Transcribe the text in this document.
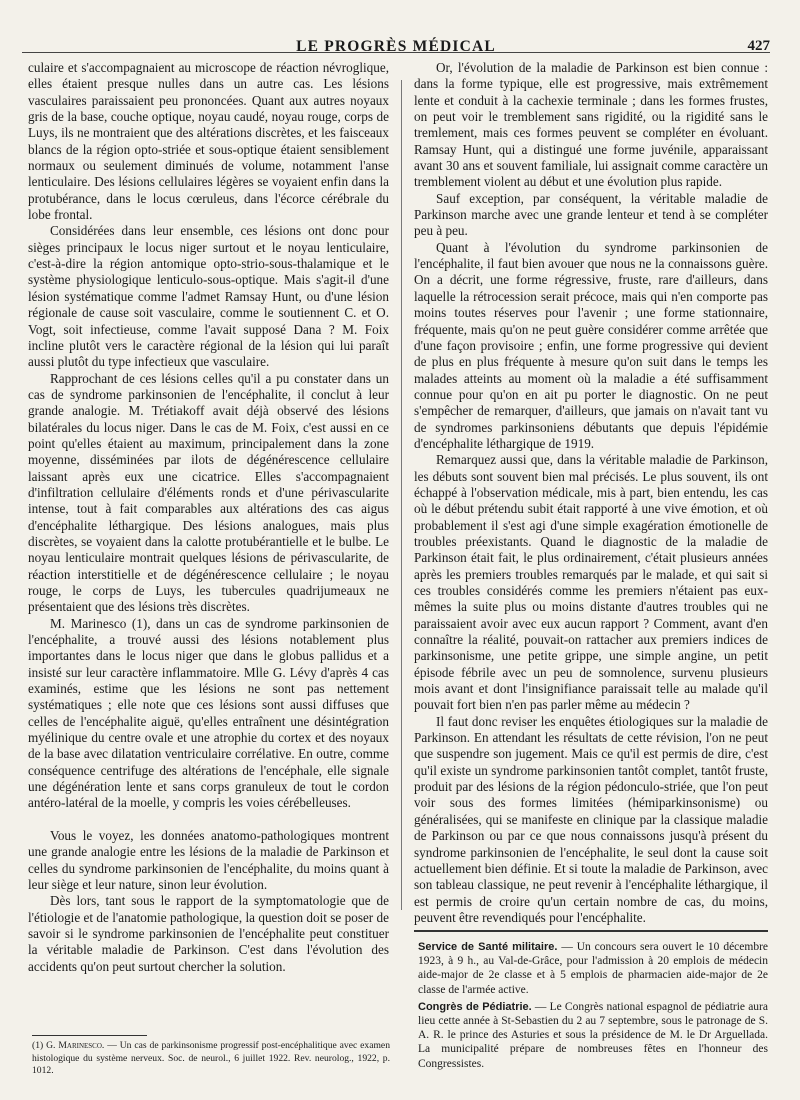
LE PROGRÈS MÉDICAL	427

culaire et s'accompagnaient au microscope de réaction névroglique, elles étaient presque nulles dans un autre cas. Les lésions vasculaires paraissaient peu prononcées. Quant aux autres noyaux gris de la base, couche optique, noyau caudé, noyau rouge, corps de Luys, ils ne montraient que des altérations discrètes, et les faisceaux blancs de la région opto-striée et sous-optique étaient sensiblement normaux ou seulement diminués de volume, notamment l'anse lenticulaire. Des lésions cellulaires légères se voyaient enfin dans la protubérance, dans le locus cœruleus, dans l'écorce cérébrale du lobe frontal.

Considérées dans leur ensemble, ces lésions ont donc pour sièges principaux le locus niger surtout et le noyau lenticulaire, c'est-à-dire la région antomique opto-strio-sous-thalamique et le système physiologique lenticulo-sous-optique. Mais s'agit-il d'une lésion systématique comme l'admet Ramsay Hunt, ou d'une lésion régionale de cause soit vasculaire, comme le soutiennent C. et O. Vogt, soit infectieuse, comme l'avait supposé Dana ? M. Foix incline plutôt vers le caractère régional de la lésion qui lui paraît aussi plutôt du type infectieux que vasculaire.

Rapprochant de ces lésions celles qu'il a pu constater dans un cas de syndrome parkinsonien de l'encéphalite, il conclut à leur grande analogie. M. Trétiakoff avait déjà observé des lésions bilatérales du locus niger. Dans le cas de M. Foix, c'est aussi en ce point qu'elles étaient au maximum, principalement dans la zone moyenne, disséminées par ilots de dégénérescence cellulaire laissant après eux une cicatrice. Elles s'accompagnaient d'infiltration cellulaire d'éléments ronds et d'une périvascularite intense, tout à fait comparables aux altérations des cas aigus d'encéphalite léthargique. Des lésions analogues, mais plus discrètes, se voyaient dans la calotte protubérantielle et le bulbe. Le noyau lenticulaire montrait quelques lésions de périvascularite, de réaction interstitielle et de dégénérescence cellulaire ; le noyau rouge, le corps de Luys, les tubercules quadrijumeaux ne présentaient que des lésions très discrètes.

M. Marinesco (1), dans un cas de syndrome parkinsonien de l'encéphalite, a trouvé aussi des lésions notablement plus importantes dans le locus niger que dans le globus pallidus et a insisté sur leur caractère inflammatoire. Mlle G. Lévy d'après 4 cas examinés, estime que les lésions ne sont pas nettement systématiques ; elle note que ces lésions sont aussi diffuses que celles de l'encéphalite aiguë, qu'elles entraînent une désintégration myélinique du centre ovale et une atrophie du cortex et des noyaux de la base avec dilatation ventriculaire corrélative. En outre, comme conséquence centrifuge des altérations de l'encéphale, elle signale une dégénération lente et sans corps granuleux de tout le cordon antéro-latéral de la moelle, y compris les voies cérébelleuses.

Vous le voyez, les données anatomo-pathologiques montrent une grande analogie entre les lésions de la maladie de Parkinson et celles du syndrome parkinsonien de l'encéphalite, du moins quant à leur siège et leur nature, sinon leur évolution.

Dès lors, tant sous le rapport de la symptomatologie que de l'étiologie et de l'anatomie pathologique, la question doit se poser de savoir si le syndrome parkinsonien de l'encéphalite peut constituer la véritable maladie de Parkinson. C'est dans l'évolution des accidents qu'on peut surtout chercher la solution.

Or, l'évolution de la maladie de Parkinson est bien connue : dans la forme typique, elle est progressive, mais extrêmement lente et conduit à la cachexie terminale ; dans les formes frustes, on peut voir le tremblement sans rigidité, ou la rigidité sans le tremlement, mais ces formes peuvent se compléter en évoluant. Ramsay Hunt, qui a distingué une forme juvénile, apparaissant avant 30 ans et souvent familiale, lui assignait comme caractère un tremblement violent au début et une évolution plus rapide.

Sauf exception, par conséquent, la véritable maladie de Parkinson marche avec une grande lenteur et tend à se compléter peu à peu.

Quant à l'évolution du syndrome parkinsonien de l'encéphalite, il faut bien avouer que nous ne la connaissons guère. On a décrit, une forme régressive, fruste, rare d'ailleurs, dans laquelle la rétrocession serait précoce, mais qui n'en comporte pas moins toutes réserves pour l'avenir ; une forme stationnaire, fréquente, mais qu'on ne peut guère considérer comme arrêtée que d'une façon provisoire ; enfin, une forme progressive qui devient de plus en plus fréquente à mesure qu'on suit dans le temps les malades atteints au moment où la maladie a été suffisamment connue pour qu'on en ait pu porter le diagnostic. On ne peut s'empêcher de remarquer, d'ailleurs, que jamais on n'avait tant vu de syndromes parkinsoniens débutants que depuis l'épidémie d'encéphalite léthargique de 1919.

Remarquez aussi que, dans la véritable maladie de Parkinson, les débuts sont souvent bien mal précisés. Le plus souvent, ils ont échappé à l'observation médicale, mis à part, bien entendu, les cas où le début prétendu subit était rapporté à une vive émotion, et où probablement il s'est agi d'une simple exagération émotionelle de troubles préexistants. Quand le diagnostic de la maladie de Parkinson était fait, le plus ordinairement, c'était plusieurs années après les premiers troubles remarqués par le malade, et qui sait si ces troubles considérés comme les premiers n'étaient pas eux-mêmes la suite plus ou moins distante d'autres troubles qui ne paraissaient avoir avec eux aucun rapport ? Comment, avant d'en connaître la réalité, pouvait-on rattacher aux premiers indices de parkinsonisme, une petite grippe, une simple angine, un petit épisode fébrile avec un peu de somnolence, survenu plusieurs mois avant et dont l'insignifiance paraissait telle au malade qu'il pouvait fort bien n'en pas parler même au médecin ?

Il faut donc reviser les enquêtes étiologiques sur la maladie de Parkinson. En attendant les résultats de cette révision, l'on ne peut que suspendre son jugement. Mais ce qu'il est permis de dire, c'est qu'il existe un syndrome parkinsonien tantôt complet, tantôt fruste, produit par des lésions de la région pédonculo-striée, que l'on peut voir sous des formes limitées (hémiparkinsonisme) ou généralisées, qui se manifeste en clinique par la classique maladie de Parkinson ou par ce que nous connaissons jusqu'à présent du syndrome parkinsonien de l'encéphalite, le seul dont la cause soit actuellement bien définie. Et si toute la maladie de Parkinson, avec son tableau classique, ne peut revenir à l'encéphalite léthargique, il est permis de croire qu'un certain nombre de cas, du moins, peuvent être revendiqués pour l'encéphalite.

(1) G. Marinesco. — Un cas de parkinsonisme progressif post-encéphalitique avec examen histologique du système nerveux. Soc. de neurol., 6 juillet 1922. Rev. neurolog., 1922, p. 1012.

Service de Santé militaire. — Un concours sera ouvert le 10 décembre 1923, à 9 h., au Val-de-Grâce, pour l'admission à 20 emplois de médecin aide-major de 2e classe et à 5 emplois de pharmacien aide-major de 2e classe de l'armée active.

Congrès de Pédiatrie. — Le Congrès national espagnol de pédiatrie aura lieu cette année à St-Sebastien du 2 au 7 septembre, sous le patronage de S. A. R. le prince des Asturies et sous la présidence de M. le Dr Arguellada. La municipalité prépare de nombreuses fêtes en l'honneur des Congressistes.
